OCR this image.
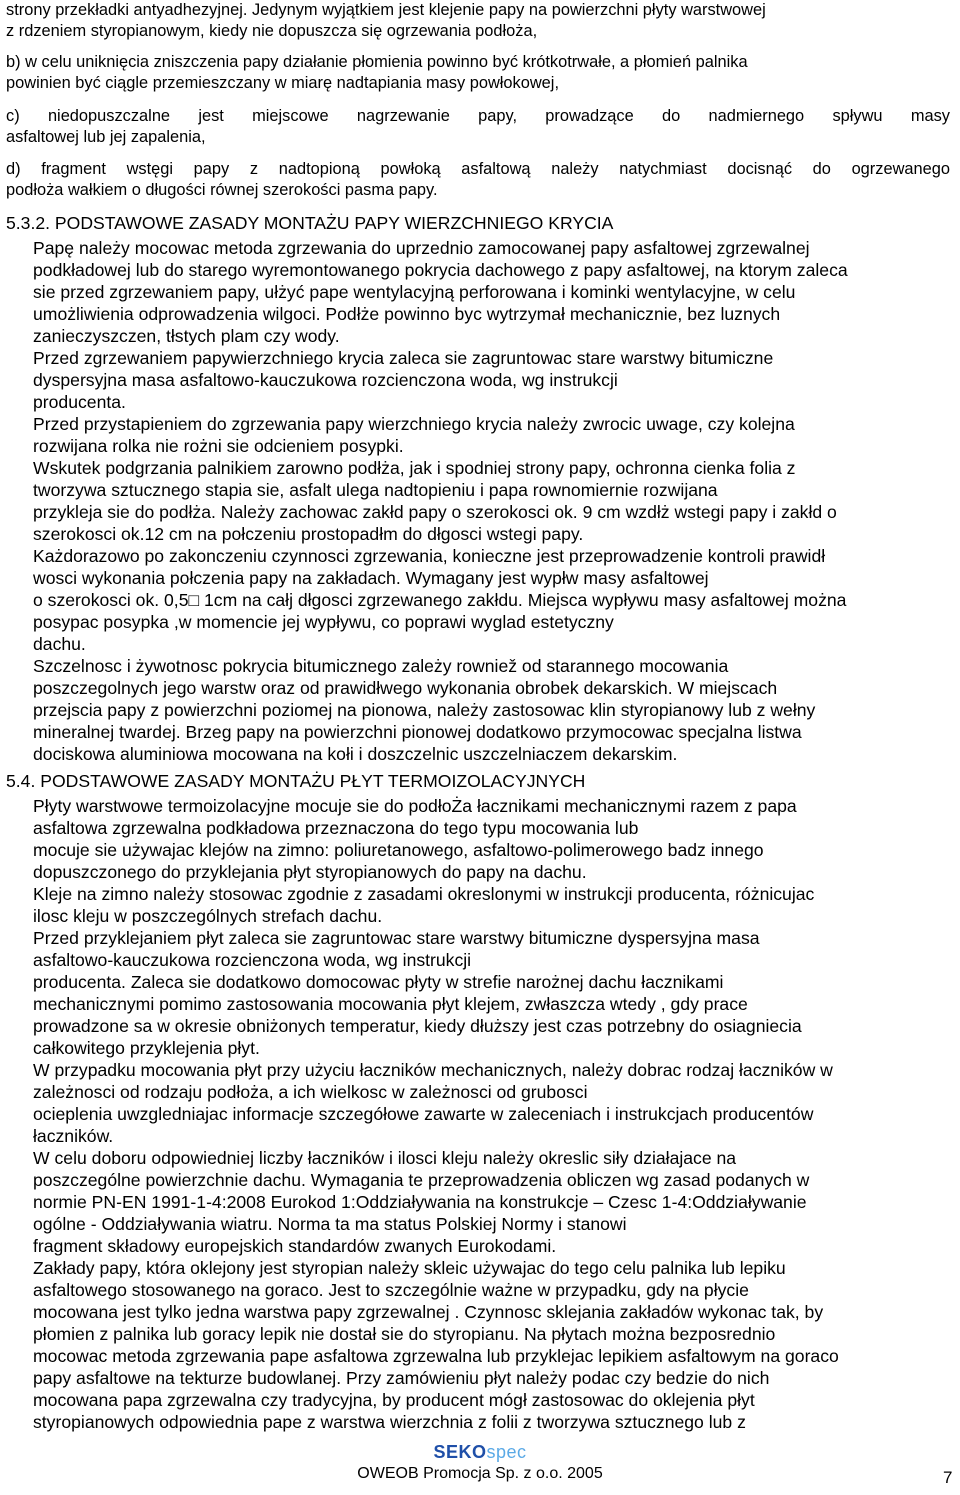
strony przekładki antyadhezyjnej. Jedynym wyjątkiem jest klejenie papy na powierzchni płyty warstwowej
z rdzeniem styropianowym, kiedy nie dopuszcza się ogrzewania podłoża,
b) w celu uniknięcia zniszczenia papy działanie płomienia powinno być krótkotrwałe, a płomień palnika
powinien być ciągle przemieszczany w miarę nadtapiania masy powłokowej,
c) niedopuszczalne jest miejscowe nagrzewanie papy, prowadzące do nadmiernego spływu masy
asfaltowej lub jej zapalenia,
d) fragment wstęgi papy z nadtopioną powłoką asfaltową należy natychmiast docisnąć do ogrzewanego
podłoża wałkiem o długości równej szerokości pasma papy.
5.3.2. PODSTAWOWE ZASADY MONTAŻU PAPY WIERZCHNIEGO KRYCIA
Papę należy mocowac metoda zgrzewania do uprzednio zamocowanej papy asfaltowej zgrzewalnej
podkładowej lub do starego wyremontowanego pokrycia dachowego z papy asfaltowej, na ktorym zaleca
sie przed zgrzewaniem papy, ułżyć pape wentylacyjną perforowana i kominki wentylacyjne, w celu
umożliwienia odprowadzenia wilgoci. Podłże powinno byc wytrzymał mechanicznie, bez luznych
zanieczyszczen, tłstych plam czy wody.
Przed zgrzewaniem papywierzchniego krycia zaleca sie zagruntowac stare warstwy bitumiczne
dyspersyjna masa asfaltowo-kauczukowa rozcienczona woda, wg instrukcji
producenta.
Przed przystapieniem do zgrzewania papy wierzchniego krycia należy zwrocic uwage, czy kolejna
rozwijana rolka nie rożni sie odcieniem posypki.
Wskutek podgrzania palnikiem zarowno podłża, jak i spodniej strony papy, ochronna cienka folia z
tworzywa sztucznego stapia sie, asfalt ulega nadtopieniu i papa rownomiernie rozwijana
przykleja sie do podłża. Należy zachowac zakłd papy o szerokosci ok. 9 cm wzdłż wstegi papy i zakłd o
szerokosci ok.12 cm na połczeniu prostopadłm do dłgosci wstegi papy.
Każdorazowo po zakonczeniu czynnosci zgrzewania, konieczne jest przeprowadzenie kontroli prawidł
wosci wykonania połczenia papy na zakładach. Wymagany jest wypłw masy asfaltowej
o szerokosci ok. 0,5□ 1cm na całj dłgosci zgrzewanego zakłdu. Miejsca wypływu masy asfaltowej można
posypac posypka ,w momencie jej wypływu, co poprawi wyglad estetyczny
dachu.
Szczelnosc i żywotnosc pokrycia bitumicznego zależy rowniež od starannego mocowania
poszczegolnych jego warstw oraz od prawidłwego wykonania obrobek dekarskich. W miejscach
przejscia papy z powierzchni poziomej na pionowa, należy zastosowac klin styropianowy lub z wełny
mineralnej twardej. Brzeg papy na powierzchni pionowej dodatkowo przymocowac specjalna listwa
dociskowa aluminiowa mocowana na kołi i doszczelnic uszczelniaczem dekarskim.
5.4. PODSTAWOWE ZASADY MONTAŻU PŁYT TERMOIZOLACYJNYCH
Płyty warstwowe termoizolacyjne mocuje sie do podłoŻa łacznikami mechanicznymi razem z papa
asfaltowa zgrzewalna podkładowa przeznaczona do tego typu mocowania lub
mocuje sie używajac klejów na zimno: poliuretanowego, asfaltowo-polimerowego badz innego
dopuszczonego do przyklejania płyt styropianowych do papy na dachu.
Kleje na zimno należy stosowac zgodnie z zasadami okreslonymi w instrukcji producenta, różnicujac
ilosc kleju w poszczególnych strefach dachu.
Przed przyklejaniem płyt zaleca sie zagruntowac stare warstwy bitumiczne dyspersyjna masa
asfaltowo-kauczukowa rozcienczona woda, wg instrukcji
producenta. Zaleca sie dodatkowo domocowac płyty w strefie narożnej dachu łacznikami
mechanicznymi pomimo zastosowania mocowania płyt klejem, zwłaszcza wtedy , gdy prace
prowadzone sa w okresie obniżonych temperatur, kiedy dłuższy jest czas potrzebny do osiagniecia
całkowitego przyklejenia płyt.
W przypadku mocowania płyt przy użyciu łaczników mechanicznych, należy dobrac rodzaj łaczników w
zależnosci od rodzaju podłoża, a ich wielkosc w zależnosci od grubosci
ocieplenia uwzgledniajac informacje szczegółowe zawarte w zaleceniach i instrukcjach producentów
łaczników.
W celu doboru odpowiedniej liczby łaczników i ilosci kleju należy okreslic siły działajace na
poszczególne powierzchnie dachu. Wymagania te przeprowadzenia obliczen wg zasad podanych w
normie PN-EN 1991-1-4:2008 Eurokod 1:Oddziaływania na konstrukcje – Czesc 1-4:Oddziaływanie
ogólne - Oddziaływania wiatru. Norma ta ma status Polskiej Normy i stanowi
fragment składowy europejskich standardów zwanych Eurokodami.
Zakłady papy, która oklejony jest styropian należy skleic używajac do tego celu palnika lub lepiku
asfaltowego stosowanego na goraco. Jest to szczególnie ważne w przypadku, gdy na płycie
mocowana jest tylko jedna warstwa papy zgrzewalnej . Czynnosc sklejania zakładów wykonac tak, by
płomien z palnika lub goracy lepik nie dostał sie do styropianu. Na płytach można bezposrednio
mocowac metoda zgrzewania pape asfaltowa zgrzewalna lub przyklejac lepikiem asfaltowym na goraco
papy asfaltowe na tekturze budowlanej. Przy zamówieniu płyt należy podac czy bedzie do nich
mocowana papa zgrzewalna czy tradycyjna, by producent mógł zastosowac do oklejenia płyt
styropianowych odpowiednia pape z warstwa wierzchnia z folii z tworzywa sztucznego lub z
SEKOspec
OWEOB Promocja Sp. z o.o. 2005	7
